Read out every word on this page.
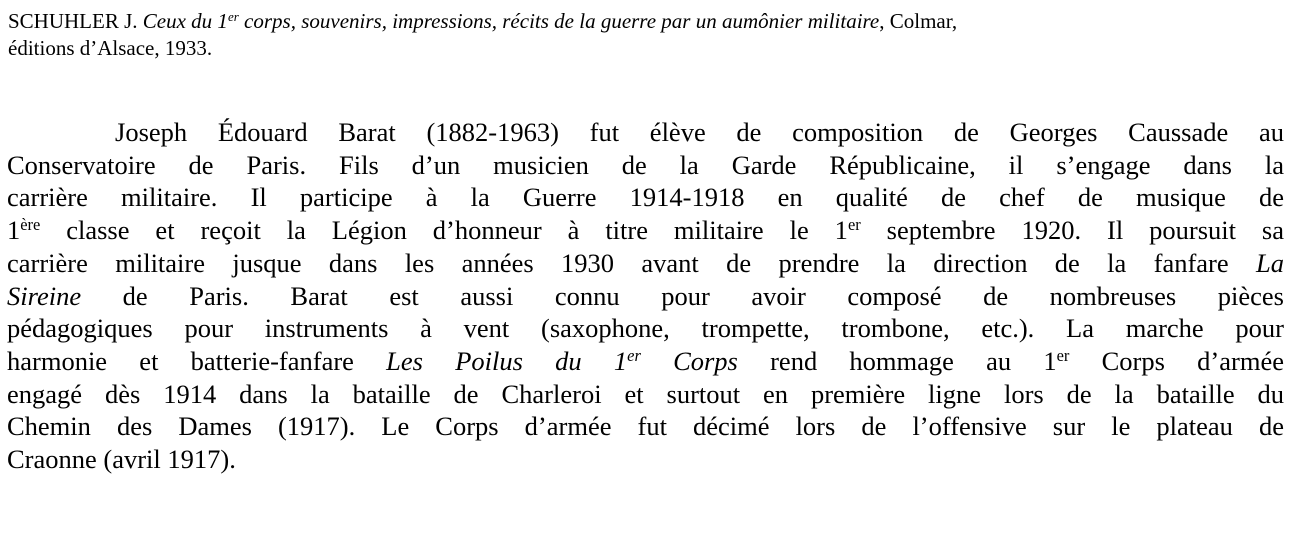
SCHUHLER J. Ceux du 1er corps, souvenirs, impressions, récits de la guerre par un aumônier militaire, Colmar,
éditions d’Alsace, 1933.
Joseph Édouard Barat (1882-1963) fut élève de composition de Georges Caussade au
Conservatoire de Paris. Fils d’un musicien de la Garde Républicaine, il s’engage dans la
carrière militaire. Il participe à la Guerre 1914-1918 en qualité de chef de musique de
1ère classe et reçoit la Légion d’honneur à titre militaire le 1er septembre 1920. Il poursuit sa
carrière militaire jusque dans les années 1930 avant de prendre la direction de la fanfare La
Sireine de Paris. Barat est aussi connu pour avoir composé de nombreuses pièces
pédagogiques pour instruments à vent (saxophone, trompette, trombone, etc.). La marche pour
harmonie et batterie-fanfare Les Poilus du 1er Corps rend hommage au 1er Corps d’armée
engagé dès 1914 dans la bataille de Charleroi et surtout en première ligne lors de la bataille du
Chemin des Dames (1917). Le Corps d’armée fut décimé lors de l’offensive sur le plateau de
Craonne (avril 1917).
